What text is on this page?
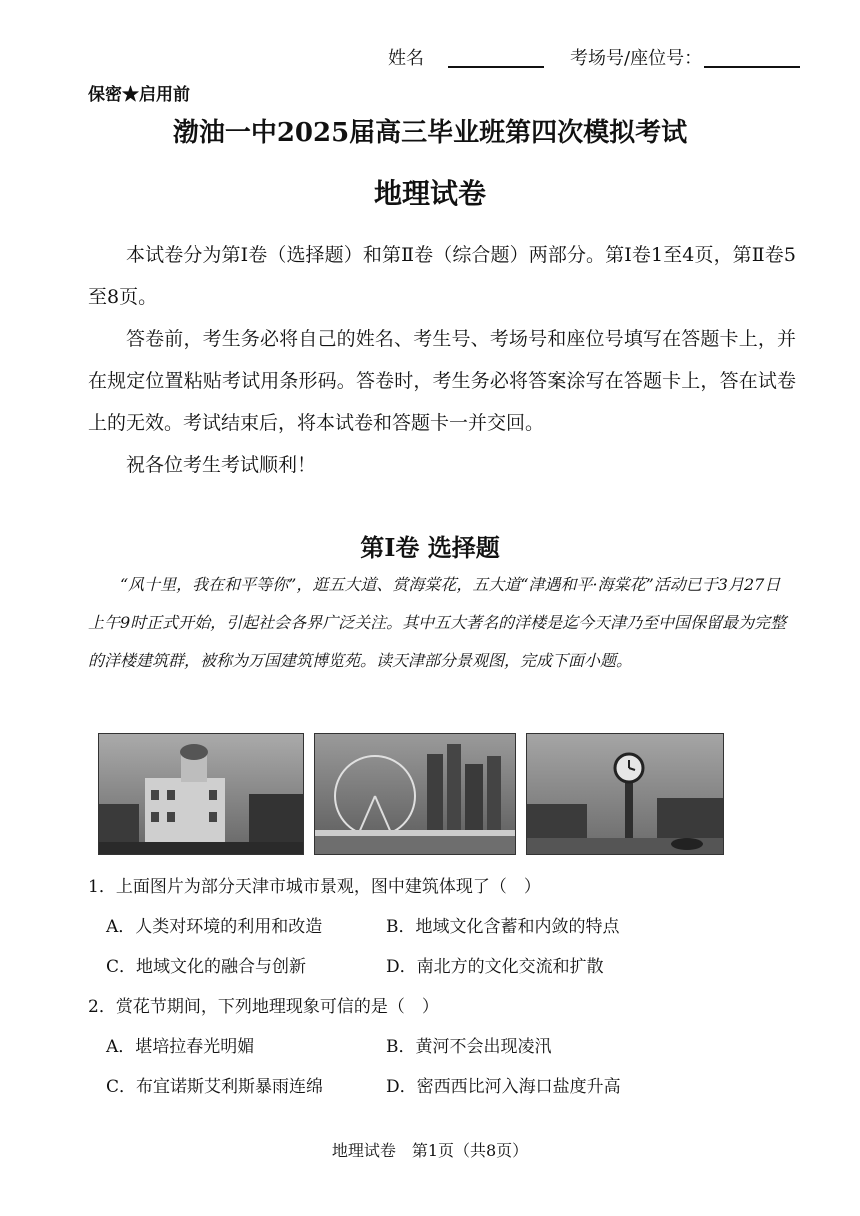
姓名	考场号/座位号：
保密★启用前
渤油一中2025届高三毕业班第四次模拟考试
地理试卷

本试卷分为第Ⅰ卷（选择题）和第Ⅱ卷（综合题）两部分。第Ⅰ卷1至4页，第Ⅱ卷5至8页。

答卷前，考生务必将自己的姓名、考生号、考场号和座位号填写在答题卡上，并在规定位置粘贴考试用条形码。答卷时，考生务必将答案涂写在答题卡上，答在试卷上的无效。考试结束后，将本试卷和答题卡一并交回。

祝各位考生考试顺利！

第Ⅰ卷 选择题

“风十里，我在和平等你”，逛五大道、赏海棠花，五大道“津遇和平·海棠花”活动已于3月27日上午9时正式开始，引起社会各界广泛关注。其中五大著名的洋楼是迄今天津乃至中国保留最为完整的洋楼建筑群，被称为万国建筑博览苑。读天津部分景观图，完成下面小题。

1．上面图片为部分天津市城市景观，图中建筑体现了（　）
A．人类对环境的利用和改造	B．地域文化含蓄和内敛的特点
C．地域文化的融合与创新	D．南北方的文化交流和扩散
2．赏花节期间，下列地理现象可信的是（　）
A．堪培拉春光明媚	B．黄河不会出现凌汛
C．布宜诺斯艾利斯暴雨连绵	D．密西西比河入海口盐度升高
地理试卷　第1页（共8页）
